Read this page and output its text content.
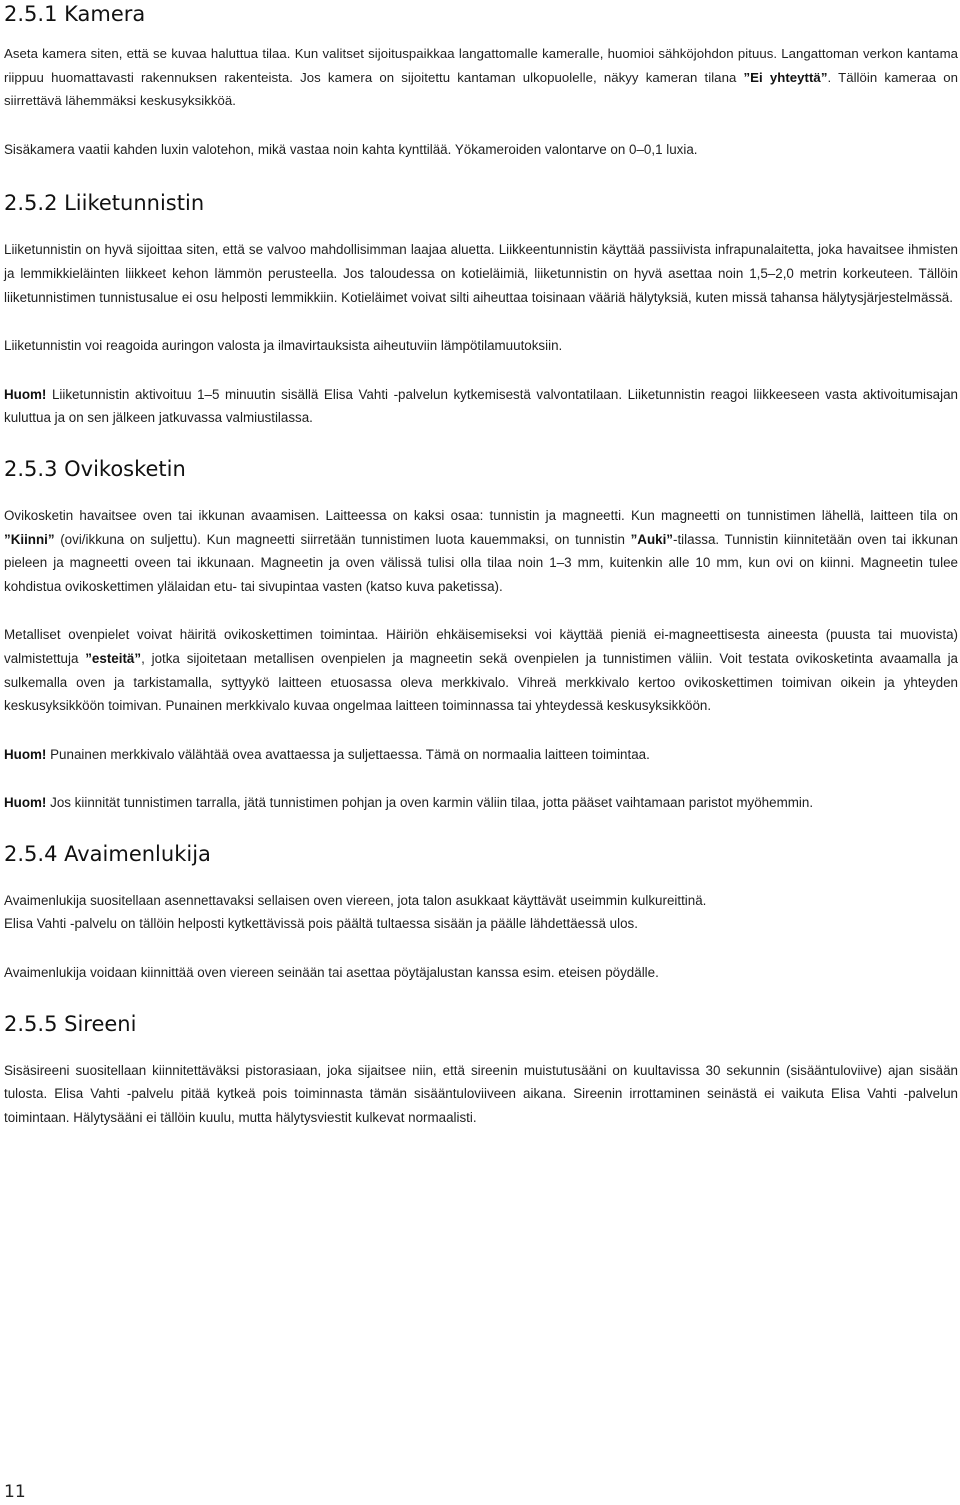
2.5.1 Kamera

Aseta kamera siten, että se kuvaa haluttua tilaa. Kun valitset sijoituspaikkaa langattomalle kameralle, huomioi sähköjohdon pituus. Langattoman verkon kantama riippuu huomattavasti rakennuksen rakenteista. Jos kamera on sijoitettu kantaman ulkopuolelle, näkyy kameran tilana ”Ei yhteyttä”. Tällöin kameraa on siirrettävä lähemmäksi keskusyksikköä.

Sisäkamera vaatii kahden luxin valotehon, mikä vastaa noin kahta kynttilää. Yökameroiden valontarve on 0–0,1 luxia.

2.5.2 Liiketunnistin

Liiketunnistin on hyvä sijoittaa siten, että se valvoo mahdollisimman laajaa aluetta. Liikkeentunnistin käyttää passiivista infrapunalaitetta, joka havaitsee ihmisten ja lemmikkieläinten liikkeet kehon lämmön perusteella. Jos taloudessa on kotieläimiä, liiketunnistin on hyvä asettaa noin 1,5–2,0 metrin korkeuteen. Tällöin liiketunnistimen tunnistusalue ei osu helposti lemmikkiin. Kotieläimet voivat silti aiheuttaa toisinaan vääriä hälytyksiä, kuten missä tahansa hälytysjärjestelmässä.

Liiketunnistin voi reagoida auringon valosta ja ilmavirtauksista aiheutuviin lämpötilamuutoksiin.

Huom! Liiketunnistin aktivoituu 1–5 minuutin sisällä Elisa Vahti -palvelun kytkemisestä valvontatilaan. Liiketunnistin reagoi liikkeeseen vasta aktivoitumisajan kuluttua ja on sen jälkeen jatkuvassa valmiustilassa.

2.5.3 Ovikosketin

Ovikosketin havaitsee oven tai ikkunan avaamisen. Laitteessa on kaksi osaa: tunnistin ja magneetti. Kun magneetti on tunnistimen lähellä, laitteen tila on ”Kiinni” (ovi/ikkuna on suljettu). Kun magneetti siirretään tunnistimen luota kauemmaksi, on tunnistin ”Auki”-tilassa. Tunnistin kiinnitetään oven tai ikkunan pieleen ja magneetti oveen tai ikkunaan. Magneetin ja oven välissä tulisi olla tilaa noin 1–3 mm, kuitenkin alle 10 mm, kun ovi on kiinni. Magneetin tulee kohdistua ovikoskettimen ylälaidan etu- tai sivupintaa vasten (katso kuva paketissa).

Metalliset ovenpielet voivat häiritä ovikoskettimen toimintaa. Häiriön ehkäisemiseksi voi käyttää pieniä ei-magneettisesta aineesta (puusta tai muovista) valmistettuja ”esteitä”, jotka sijoitetaan metallisen ovenpielen ja magneetin sekä ovenpielen ja tunnistimen väliin. Voit testata ovikosketinta avaamalla ja sulkemalla oven ja tarkistamalla, syttyykö laitteen etuosassa oleva merkkivalo. Vihreä merkkivalo kertoo ovikoskettimen toimivan oikein ja yhteyden keskusyksikköön toimivan. Punainen merkkivalo kuvaa ongelmaa laitteen toiminnassa tai yhteydessä keskusyksikköön.

Huom! Punainen merkkivalo välähtää ovea avattaessa ja suljettaessa. Tämä on normaalia laitteen toimintaa.

Huom! Jos kiinnität tunnistimen tarralla, jätä tunnistimen pohjan ja oven karmin väliin tilaa, jotta pääset vaihtamaan paristot myöhemmin.

2.5.4 Avaimenlukija

Avaimenlukija suositellaan asennettavaksi sellaisen oven viereen, jota talon asukkaat käyttävät useimmin kulkureittinä.

Elisa Vahti -palvelu on tällöin helposti kytkettävissä pois päältä tultaessa sisään ja päälle lähdettäessä ulos.

Avaimenlukija voidaan kiinnittää oven viereen seinään tai asettaa pöytäjalustan kanssa esim. eteisen pöydälle.

2.5.5 Sireeni

Sisäsireeni suositellaan kiinnitettäväksi pistorasiaan, joka sijaitsee niin, että sireenin muistutusääni on kuultavissa 30 sekunnin (sisääntuloviive) ajan sisään tulosta. Elisa Vahti -palvelu pitää kytkeä pois toiminnasta tämän sisääntuloviiveen aikana. Sireenin irrottaminen seinästä ei vaikuta Elisa Vahti -palvelun toimintaan. Hälytysääni ei tällöin kuulu, mutta hälytysviestit kulkevat normaalisti.

11
